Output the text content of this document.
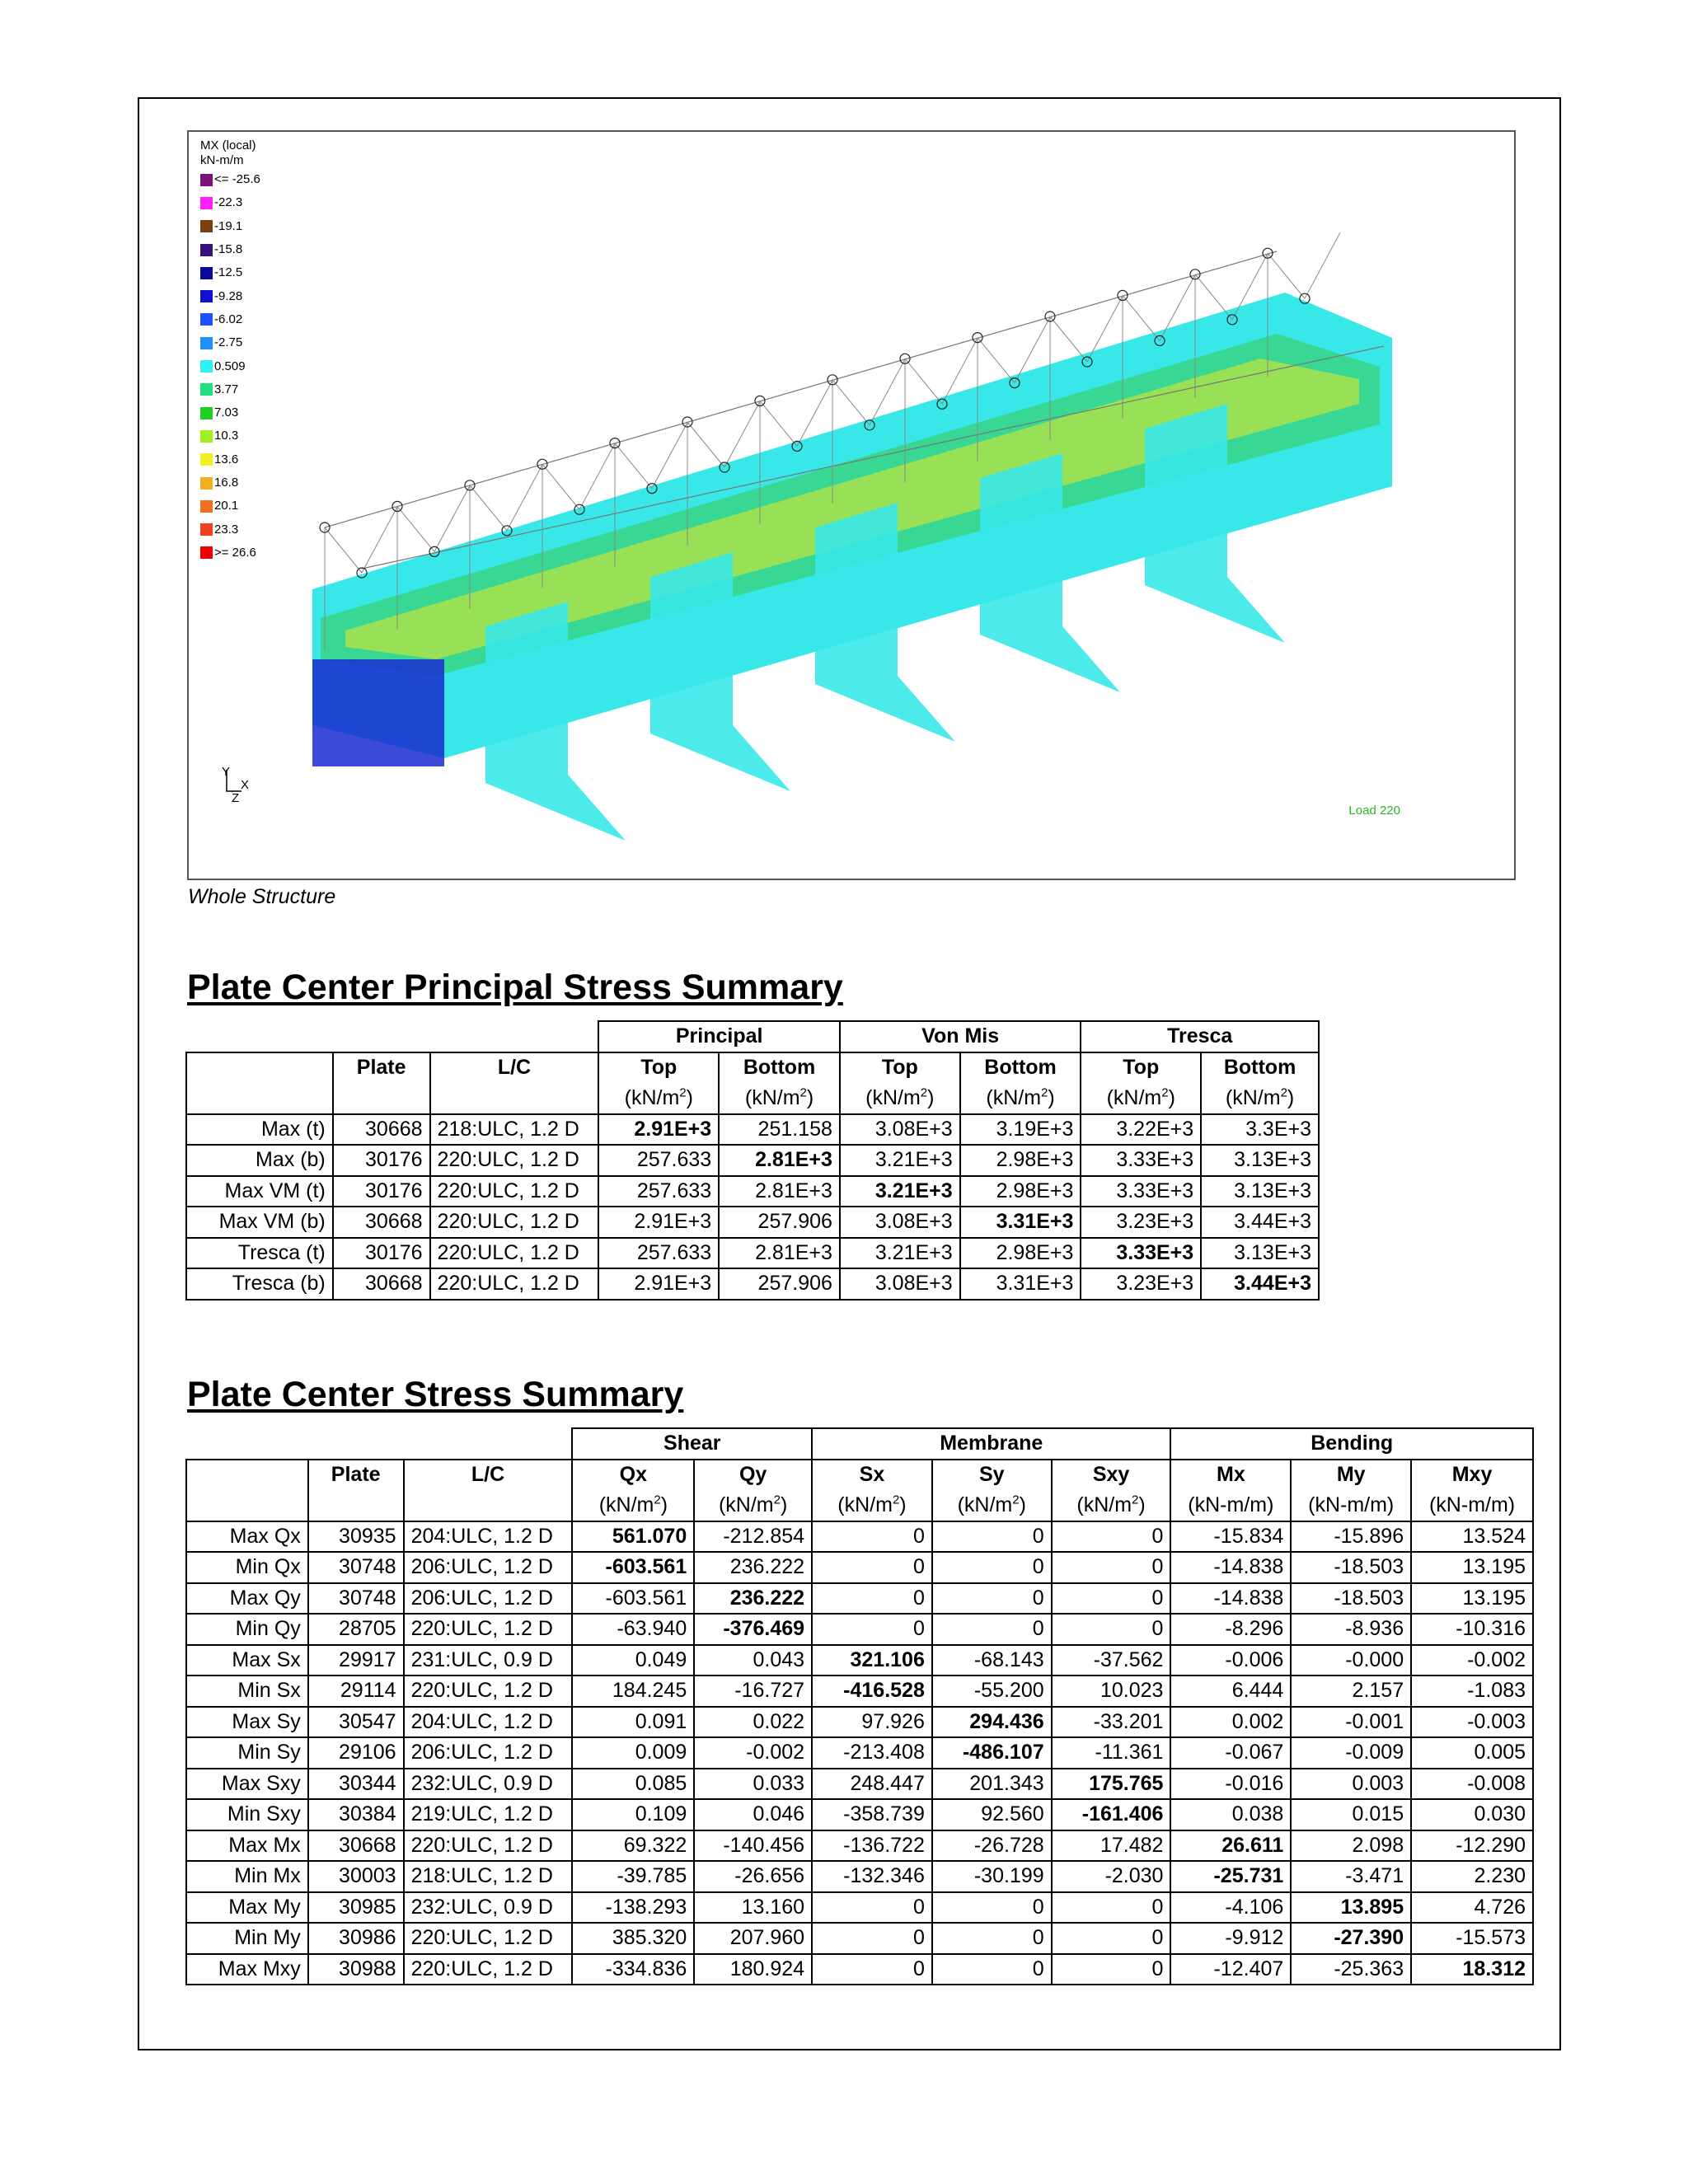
MX (local)
kN-m/m
<= -25.6
-22.3
-19.1
-15.8
-12.5
-9.28
-6.02
-2.75
0.509
3.77
7.03
10.3
13.6
16.8
20.1
23.3
>= 26.6
Y
X
Z
Load 220
Whole Structure
Plate Center Principal Stress Summary
			Principal		Von Mis		Tresca	
	Plate	L/C	Top	Bottom	Top	Bottom	Top	Bottom
			$(kN/m^2)$	$(kN/m^2)$	$(kN/m^2)$	$(kN/m^2)$	$(kN/m^2)$	$(kN/m^2)$
Max (t)	30668	218:ULC, 1.2 D	2.91E+3	251.158	3.08E+3	3.19E+3	3.22E+3	3.3E+3
Max (b)	30176	220:ULC, 1.2 D	257.633	2.81E+3	3.21E+3	2.98E+3	3.33E+3	3.13E+3
Max VM (t)	30176	220:ULC, 1.2 D	257.633	2.81E+3	3.21E+3	2.98E+3	3.33E+3	3.13E+3
Max VM (b)	30668	220:ULC, 1.2 D	2.91E+3	257.906	3.08E+3	3.31E+3	3.23E+3	3.44E+3
Tresca (t)	30176	220:ULC, 1.2 D	257.633	2.81E+3	3.21E+3	2.98E+3	3.33E+3	3.13E+3
Tresca (b)	30668	220:ULC, 1.2 D	2.91E+3	257.906	3.08E+3	3.31E+3	3.23E+3	3.44E+3
Plate Center Stress Summary
			Shear		Membrane			Bending		
	Plate	L/C	Qx	Qy	Sx	Sy	Sxy	Mx	My	Mxy
			$(kN/m^2)$	$(kN/m^2)$	$(kN/m^2)$	$(kN/m^2)$	$(kN/m^2)$	(kN-m/m)	(kN-m/m)	(kN-m/m)
Max Qx	30935	204:ULC, 1.2 D	561.070	-212.854	0	0	0	-15.834	-15.896	13.524
Min Qx	30748	206:ULC, 1.2 D	-603.561	236.222	0	0	0	-14.838	-18.503	13.195
Max Qy	30748	206:ULC, 1.2 D	-603.561	236.222	0	0	0	-14.838	-18.503	13.195
Min Qy	28705	220:ULC, 1.2 D	-63.940	-376.469	0	0	0	-8.296	-8.936	-10.316
Max Sx	29917	231:ULC, 0.9 D	0.049	0.043	321.106	-68.143	-37.562	-0.006	-0.000	-0.002
Min Sx	29114	220:ULC, 1.2 D	184.245	-16.727	-416.528	-55.200	10.023	6.444	2.157	-1.083
Max Sy	30547	204:ULC, 1.2 D	0.091	0.022	97.926	294.436	-33.201	0.002	-0.001	-0.003
Min Sy	29106	206:ULC, 1.2 D	0.009	-0.002	-213.408	-486.107	-11.361	-0.067	-0.009	0.005
Max Sxy	30344	232:ULC, 0.9 D	0.085	0.033	248.447	201.343	175.765	-0.016	0.003	-0.008
Min Sxy	30384	219:ULC, 1.2 D	0.109	0.046	-358.739	92.560	-161.406	0.038	0.015	0.030
Max Mx	30668	220:ULC, 1.2 D	69.322	-140.456	-136.722	-26.728	17.482	26.611	2.098	-12.290
Min Mx	30003	218:ULC, 1.2 D	-39.785	-26.656	-132.346	-30.199	-2.030	-25.731	-3.471	2.230
Max My	30985	232:ULC, 0.9 D	-138.293	13.160	0	0	0	-4.106	13.895	4.726
Min My	30986	220:ULC, 1.2 D	385.320	207.960	0	0	0	-9.912	-27.390	-15.573
Max Mxy	30988	220:ULC, 1.2 D	-334.836	180.924	0	0	0	-12.407	-25.363	18.312
